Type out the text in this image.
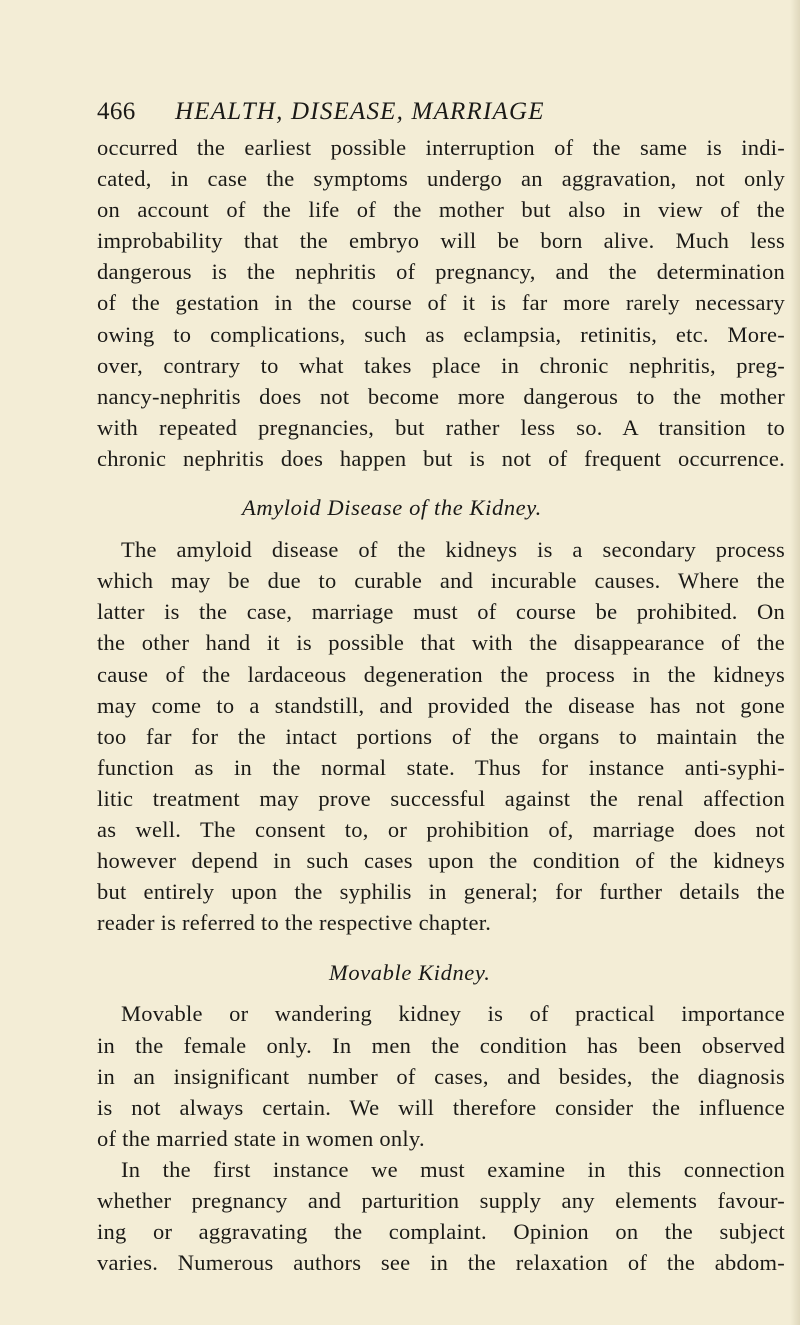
466 HEALTH, DISEASE, MARRIAGE
occurred the earliest possible interruption of the same is indi-
cated, in case the symptoms undergo an aggravation, not only
on account of the life of the mother but also in view of the
improbability that the embryo will be born alive. Much less
dangerous is the nephritis of pregnancy, and the determination
of the gestation in the course of it is far more rarely necessary
owing to complications, such as eclampsia, retinitis, etc. More-
over, contrary to what takes place in chronic nephritis, preg-
nancy-nephritis does not become more dangerous to the mother
with repeated pregnancies, but rather less so. A transition to
chronic nephritis does happen but is not of frequent occurrence.
Amyloid Disease of the Kidney.
The amyloid disease of the kidneys is a secondary process
which may be due to curable and incurable causes. Where the
latter is the case, marriage must of course be prohibited. On
the other hand it is possible that with the disappearance of the
cause of the lardaceous degeneration the process in the kidneys
may come to a standstill, and provided the disease has not gone
too far for the intact portions of the organs to maintain the
function as in the normal state. Thus for instance anti-syphi-
litic treatment may prove successful against the renal affection
as well. The consent to, or prohibition of, marriage does not
however depend in such cases upon the condition of the kidneys
but entirely upon the syphilis in general; for further details the
reader is referred to the respective chapter.
Movable Kidney.
Movable or wandering kidney is of practical importance
in the female only. In men the condition has been observed
in an insignificant number of cases, and besides, the diagnosis
is not always certain. We will therefore consider the influence
of the married state in women only.
In the first instance we must examine in this connection
whether pregnancy and parturition supply any elements favour-
ing or aggravating the complaint. Opinion on the subject
varies. Numerous authors see in the relaxation of the abdom-
